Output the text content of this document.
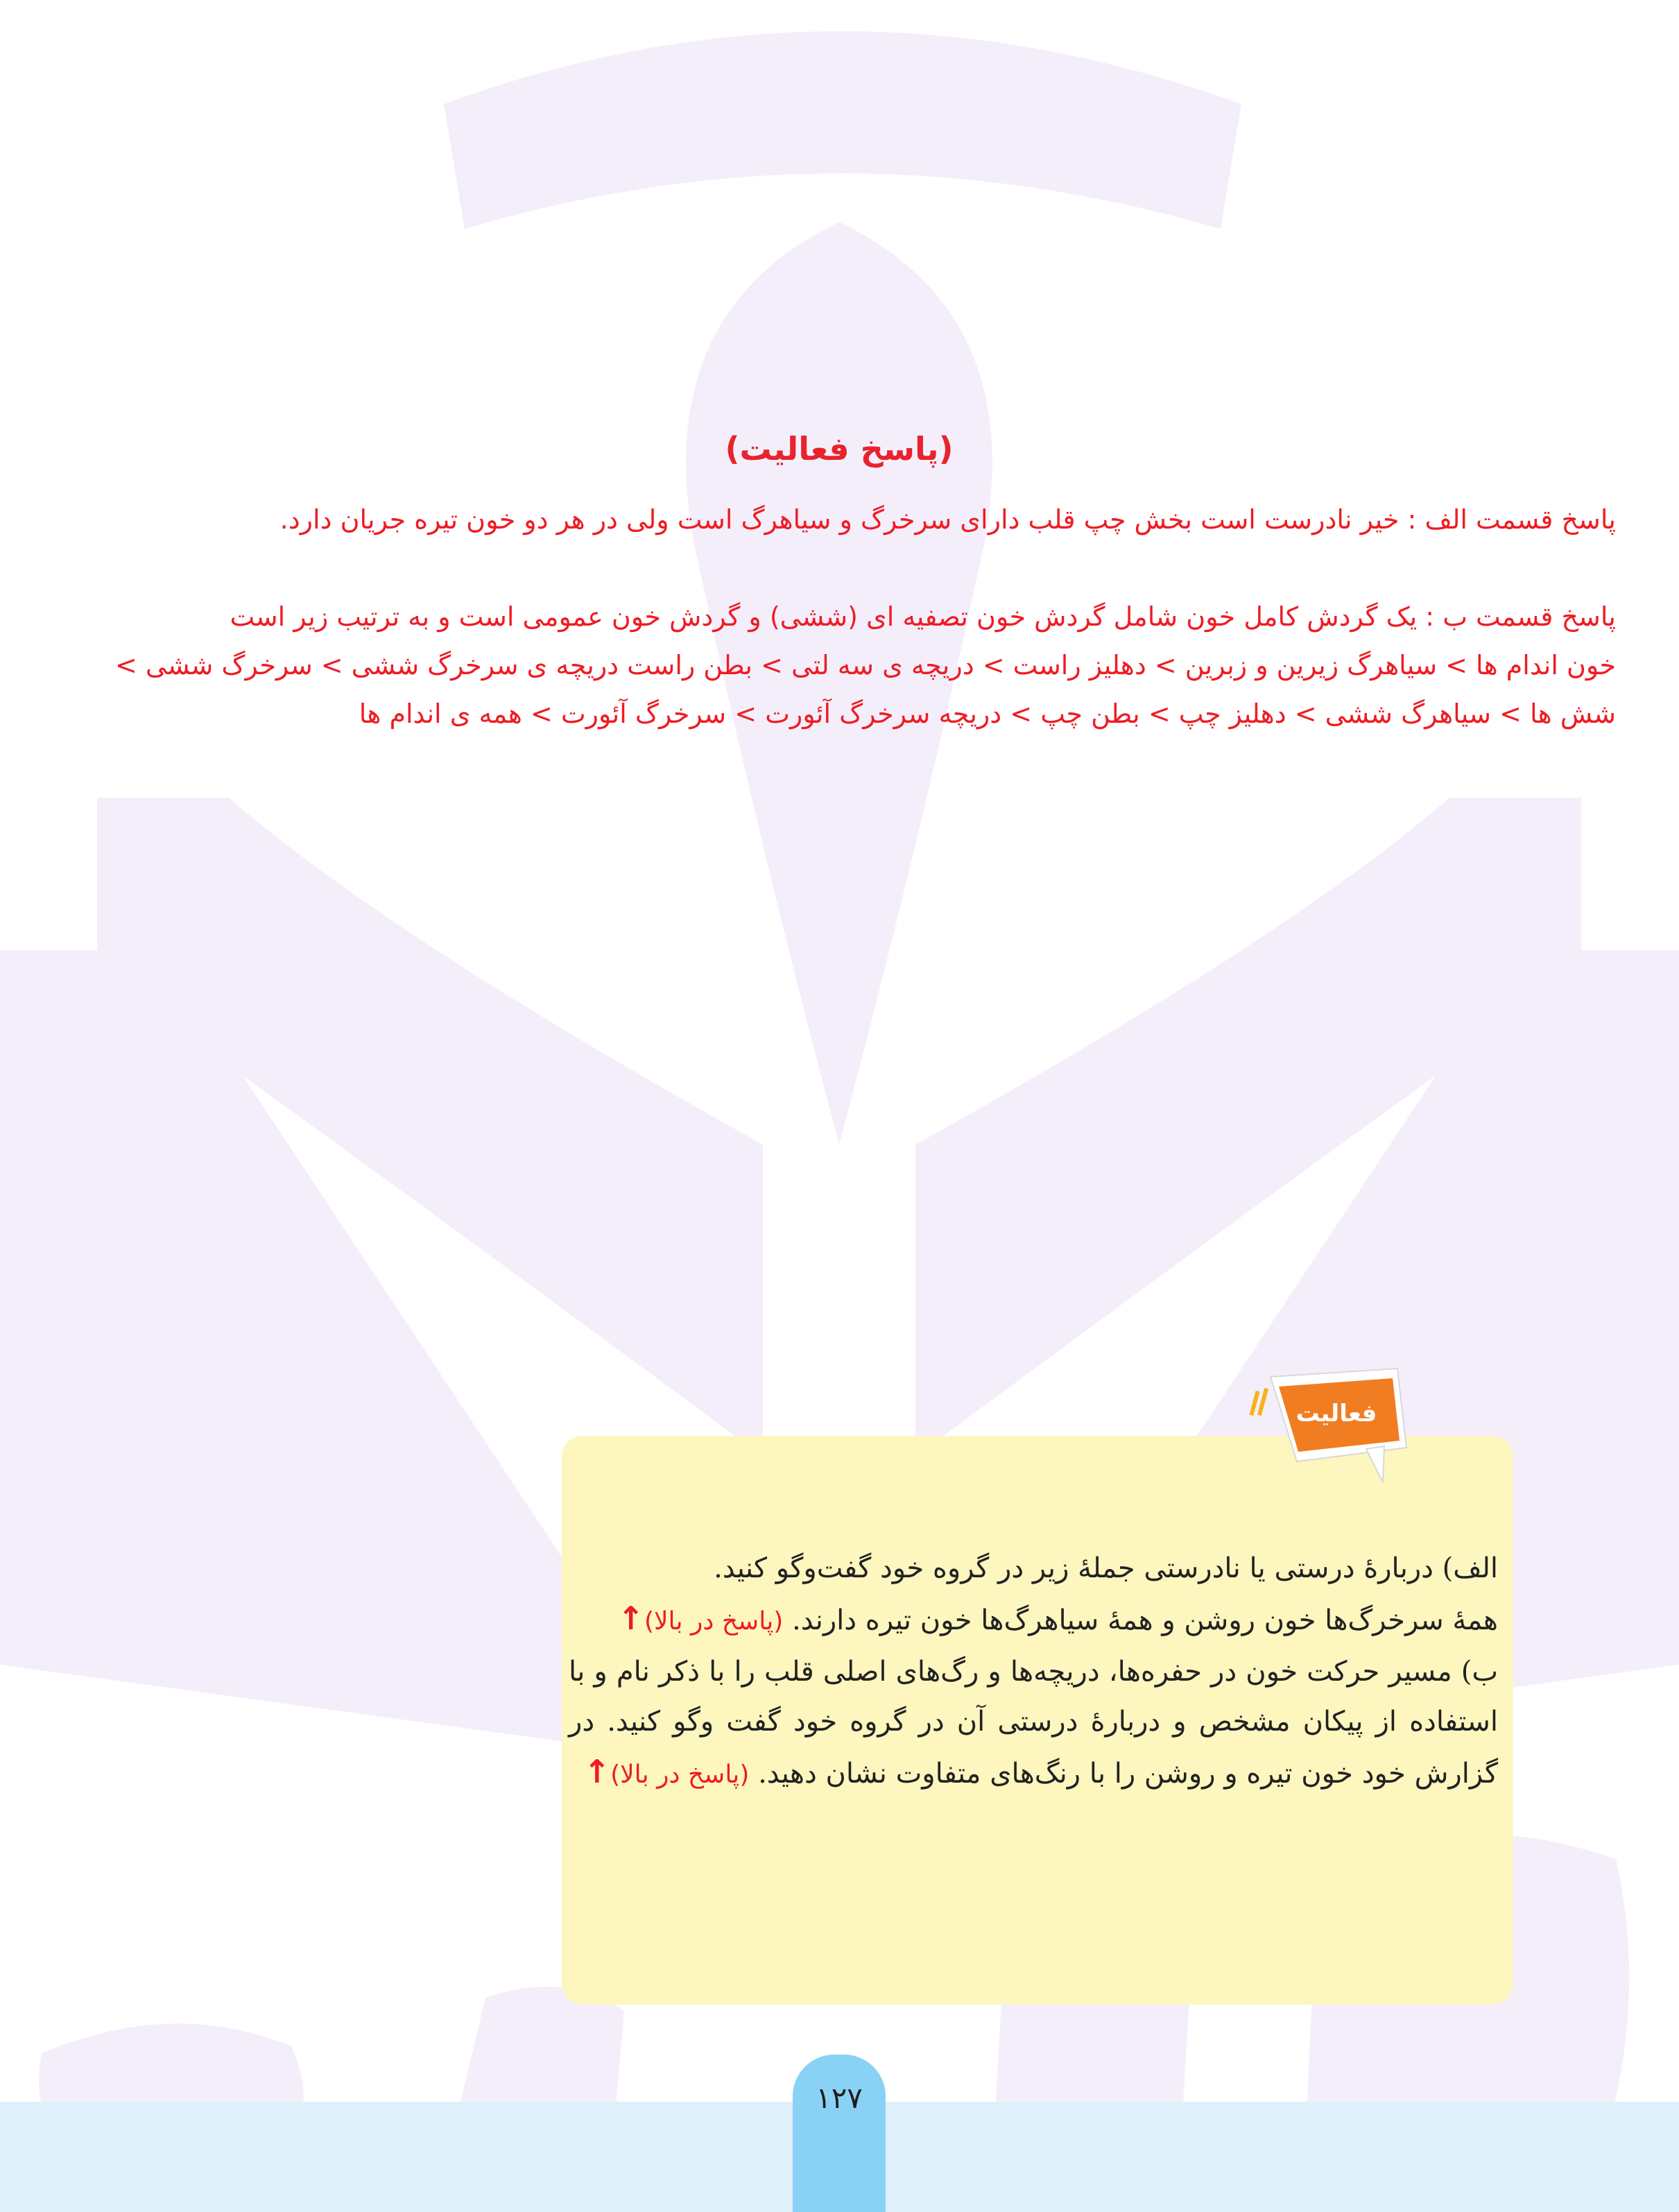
(پاسخ فعالیت)

پاسخ قسمت الف : خیر نادرست است بخش چپ قلب دارای سرخرگ و سیاهرگ است ولی در هر دو خون تیره جریان دارد.

پاسخ قسمت ب : یک گردش کامل خون شامل گردش خون تصفیه ای (ششی) و گردش خون عمومی است و به ترتیب زیر است

خون اندام ها > سیاهرگ زیرین و زبرین > دهلیز راست > دریچه ی سه لتی > بطن راست دریچه ی سرخرگ ششی > سرخرگ ششی >

شش ها > سیاهرگ ششی > دهلیز چپ > بطن چپ > دریچه سرخرگ آئورت > سرخرگ آئورت > همه ی اندام ها

فعالیت

الف) دربارۀ درستی یا نادرستی جملۀ زیر در گروه خود گفت‌وگو کنید.

همۀ سرخرگ‌ها خون روشن و همۀ سیاهرگ‌ها خون تیره دارند. (پاسخ در بالا)↑

ب) مسیر حرکت خون در حفره‌ها، دریچه‌ها و رگ‌های اصلی قلب را با ذکر نام و با استفاده از پیکان مشخص و دربارۀ درستی آن در گروه خود گفت وگو کنید. در گزارش خود خون تیره و روشن را با رنگ‌های متفاوت نشان دهید. (پاسخ در بالا)↑

۱۲۷
